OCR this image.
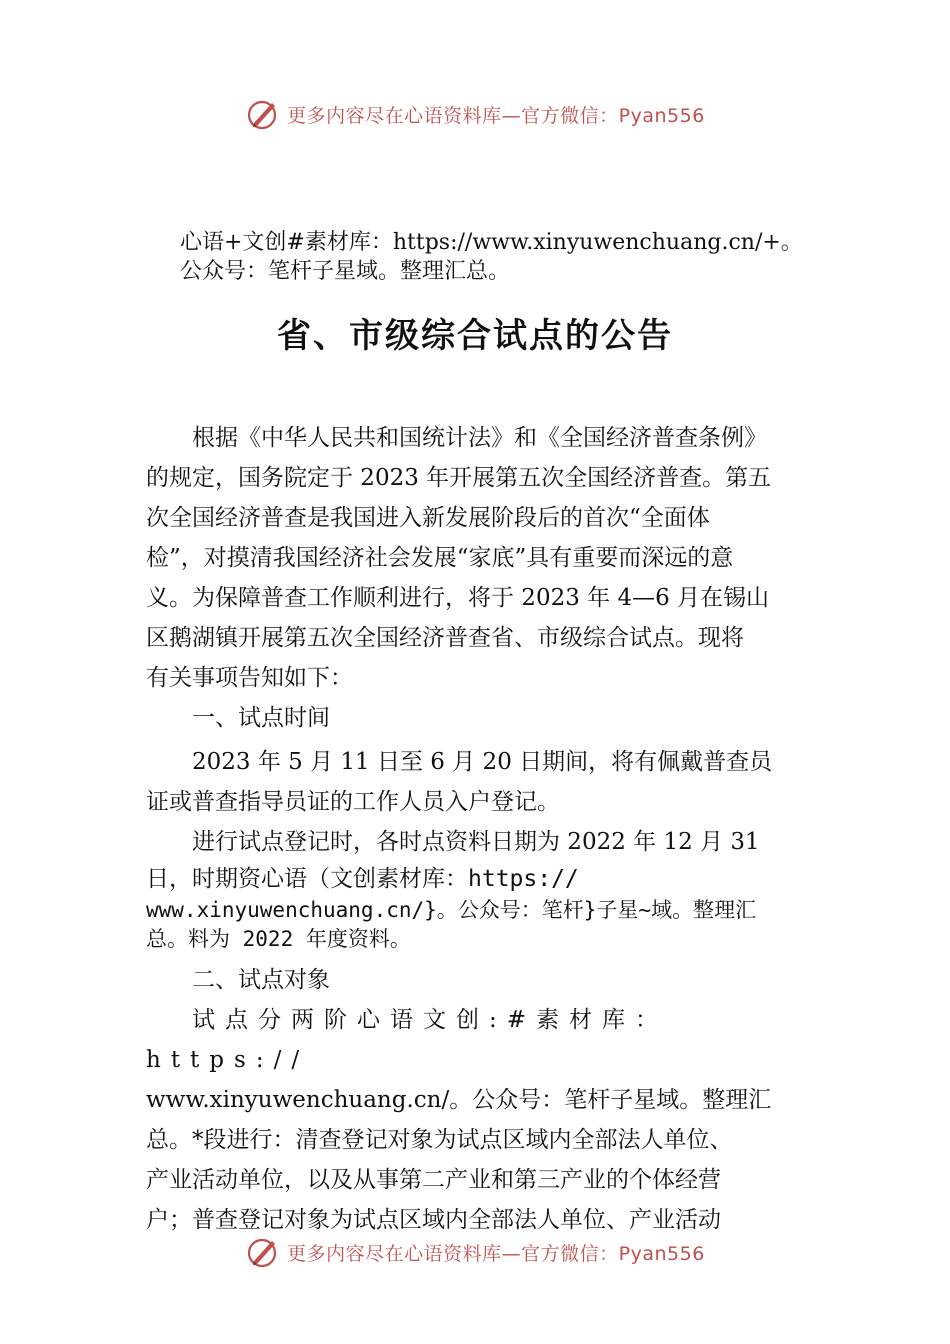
更多内容尽在心语资料库—官方微信：Pyan556
心语+文创#素材库：https://www.xinyuwenchuang.cn/+。
公众号：笔杆子星域。整理汇总。
省、市级综合试点的公告

根据《中华人民共和国统计法》和《全国经济普查条例》

的规定，国务院定于 2023 年开展第五次全国经济普查。第五

次全国经济普查是我国进入新发展阶段后的首次“全面体

检”，对摸清我国经济社会发展“家底”具有重要而深远的意

义。为保障普查工作顺利进行，将于 2023 年 4—6 月在锡山

区鹅湖镇开展第五次全国经济普查省、市级综合试点。现将

有关事项告知如下：

一、试点时间

2023 年 5 月 11 日至 6 月 20 日期间，将有佩戴普查员

证或普查指导员证的工作人员入户登记。

进行试点登记时，各时点资料日期为 2022 年 12 月 31

日，时期资心语（文创素材库：https://

www.xinyuwenchuang.cn/}。公众号：笔杆}子星~域。整理汇

总。料为 2022 年度资料。

二、试点对象

试点分两阶心语文创:#素材库：https://

www.xinyuwenchuang.cn/。公众号：笔杆子星域。整理汇

总。*段进行：清查登记对象为试点区域内全部法人单位、

产业活动单位，以及从事第二产业和第三产业的个体经营

户；普查登记对象为试点区域内全部法人单位、产业活动

更多内容尽在心语资料库—官方微信：Pyan556
